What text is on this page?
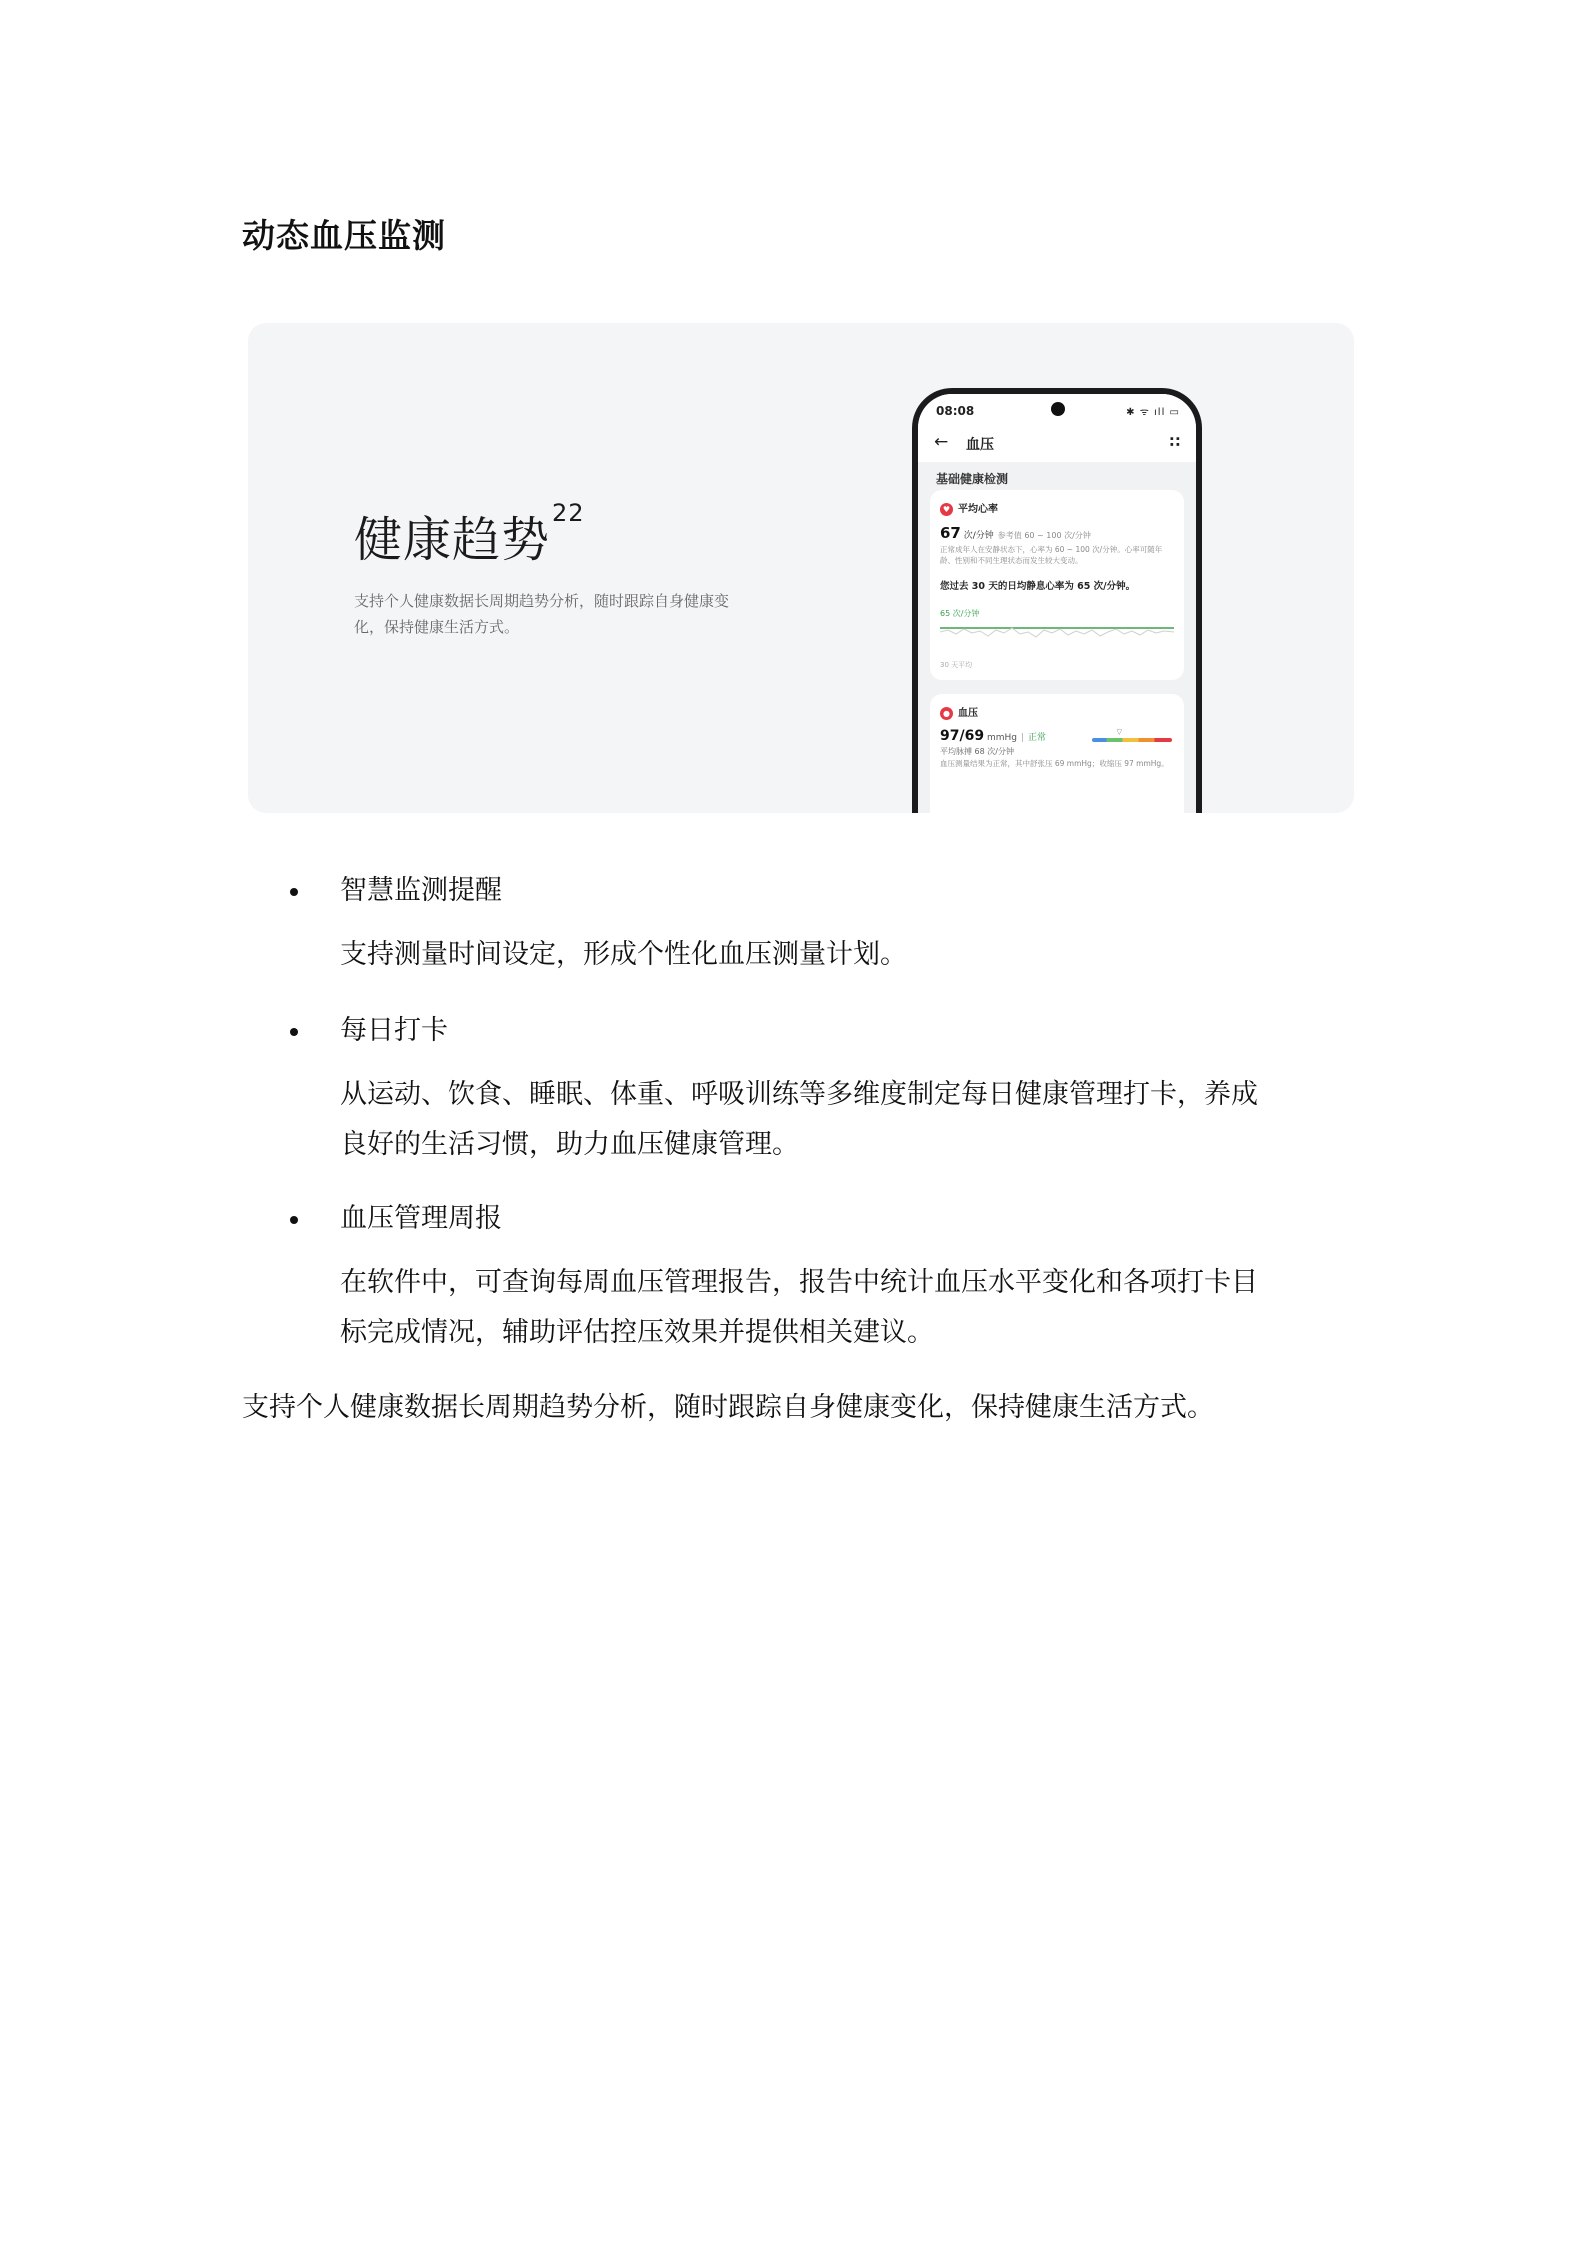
动态血压监测
健康趋势$^{22}$
支持个人健康数据长周期趋势分析，随时跟踪自身健康变化，保持健康生活方式。
08:08	✱ ᯤ ıll ▭
← 血压	∷
基础健康检测
♥ 平均心率
67 次/分钟 参考值 60 ~ 100 次/分钟
正常成年人在安静状态下，心率为 60 ~ 100 次/分钟。心率可随年龄、性别和不同生理状态而发生较大变动。
您过去 30 天的日均静息心率为 65 次/分钟。
65 次/分钟
30 天平均
● 血压
97/69 mmHg | 正常
▽
平均脉搏 68 次/分钟
血压测量结果为正常，其中舒张压 69 mmHg；收缩压 97 mmHg。
智慧监测提醒
支持测量时间设定，形成个性化血压测量计划。
每日打卡
从运动、饮食、睡眠、体重、呼吸训练等多维度制定每日健康管理打卡，养成
良好的生活习惯，助力血压健康管理。
血压管理周报
在软件中，可查询每周血压管理报告，报告中统计血压水平变化和各项打卡目
标完成情况，辅助评估控压效果并提供相关建议。
支持个人健康数据长周期趋势分析，随时跟踪自身健康变化，保持健康生活方式。
